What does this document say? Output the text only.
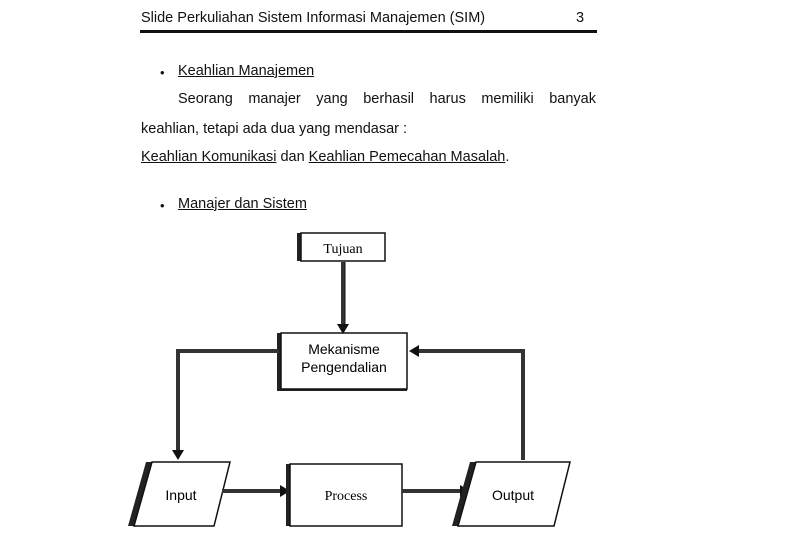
Slide Perkuliahan Sistem Informasi Manajemen (SIM)	3
• Keahlian Manajemen
Seorang manajer yang berhasil harus memiliki banyak
keahlian, tetapi ada dua yang mendasar :
Keahlian Komunikasi dan Keahlian Pemecahan Masalah.
• Manajer dan Sistem
Tujuan
Mekanisme
Pengendalian
Input	Process	Output
